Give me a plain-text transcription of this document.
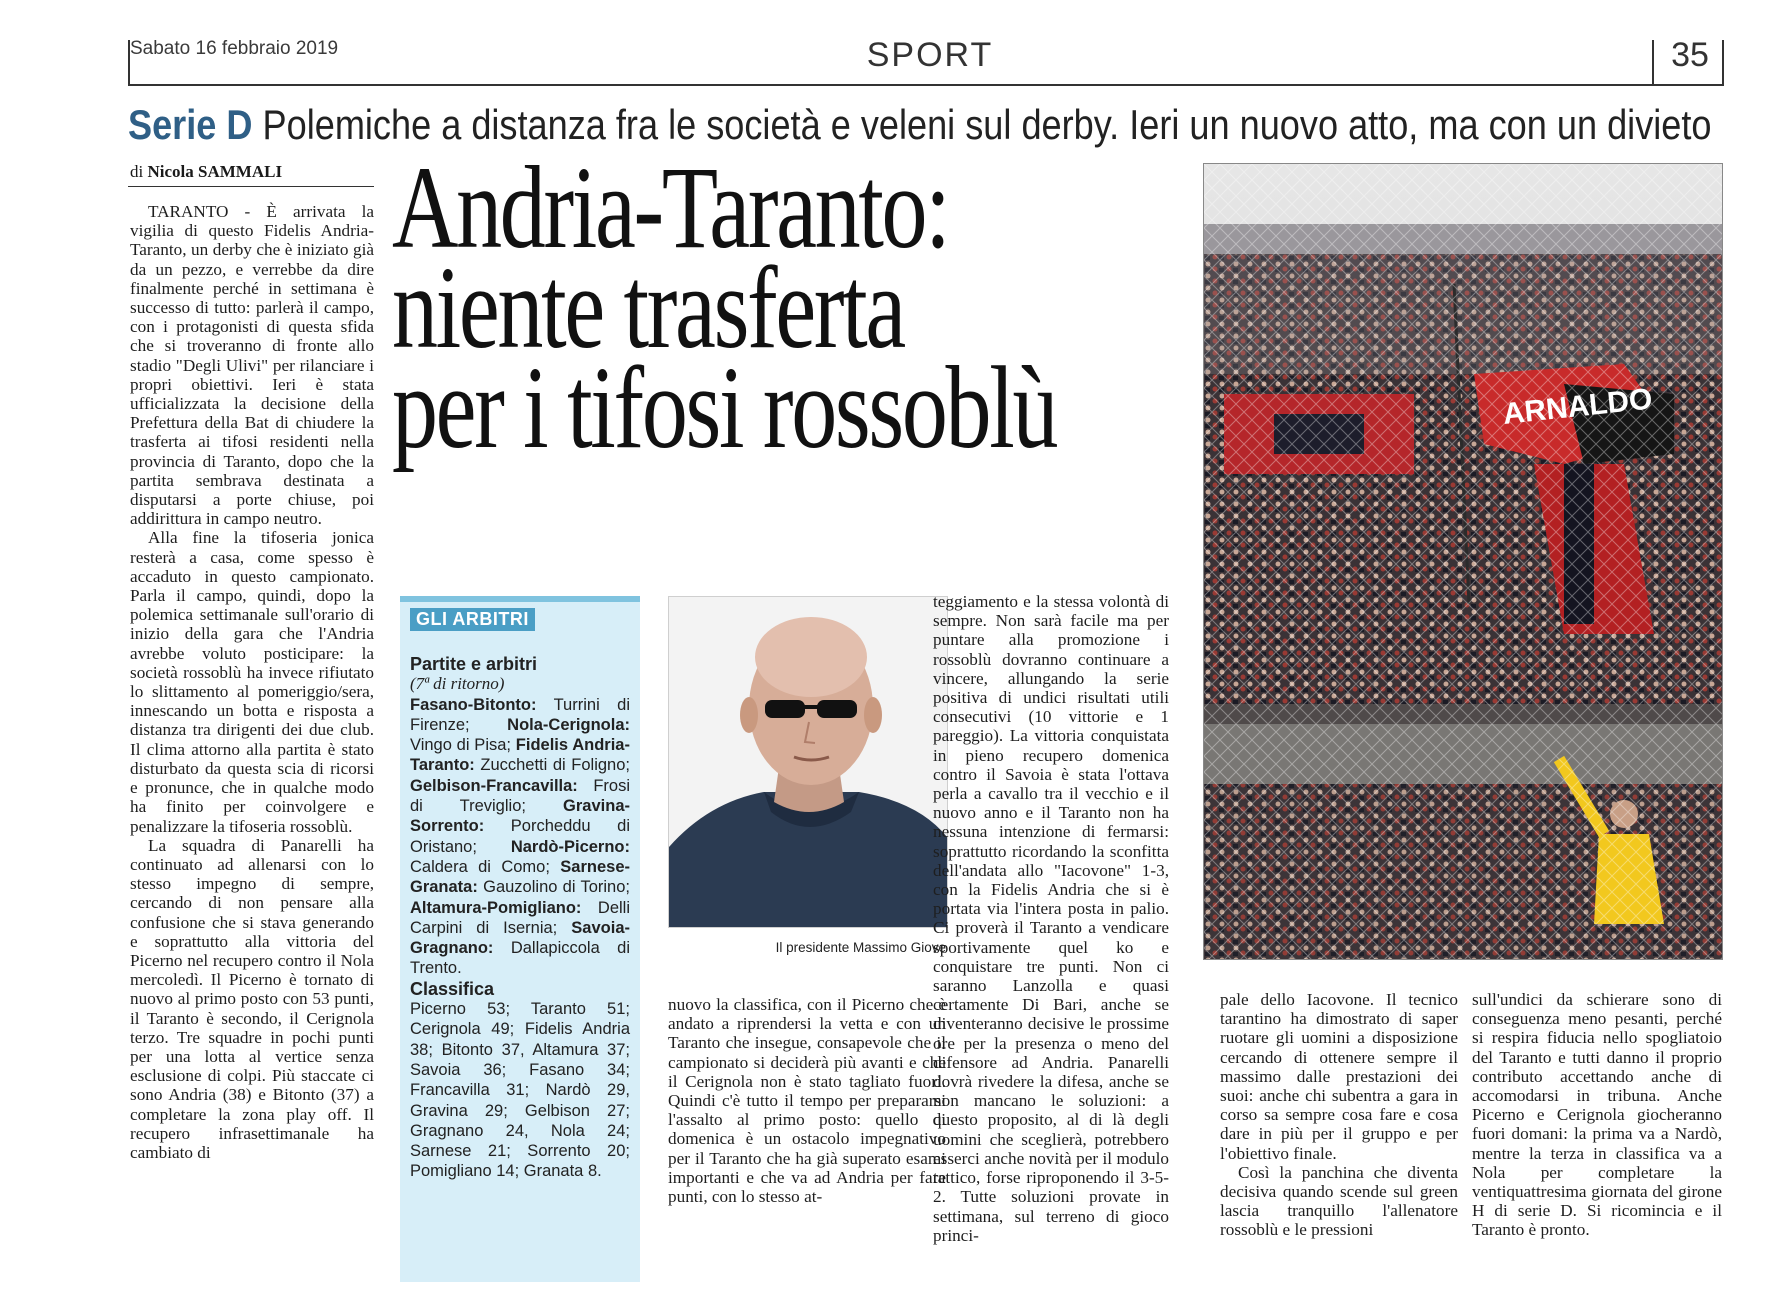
Sabato 16 febbraio 2019	SPORT	35
Serie D Polemiche a distanza fra le società e veleni sul derby. Ieri un nuovo atto, ma con un divieto
di Nicola SAMMALI Andria-Taranto:
niente trasferta
per i tifosi rossoblù

TARANTO - È arrivata la vigilia di questo Fidelis Andria-Taranto, un derby che è iniziato già da un pezzo, e verrebbe da dire finalmente perché in settimana è successo di tutto: parlerà il campo, con i protagonisti di questa sfida che si troveranno di fronte allo stadio "Degli Ulivi" per rilanciare i propri obiettivi. Ieri è stata ufficializzata la decisione della Prefettura della Bat di chiudere la trasferta ai tifosi residenti nella provincia di Taranto, dopo che la partita sembrava destinata a disputarsi a porte chiuse, poi addirittura in campo neutro.

Alla fine la tifoseria jonica resterà a casa, come spesso è accaduto in questo campionato. Parla il campo, quindi, dopo la polemica settimanale sull'orario di inizio della gara che l'Andria avrebbe voluto posticipare: la società rossoblù ha invece rifiutato lo slittamento al pomeriggio/sera, innescando un botta e risposta a distanza tra dirigenti dei due club. Il clima attorno alla partita è stato disturbato da questa scia di ricorsi e pronunce, che in qualche modo ha finito per coinvolgere e penalizzare la tifoseria rossoblù.

La squadra di Panarelli ha continuato ad allenarsi con lo stesso impegno di sempre, cercando di non pensare alla confusione che si stava generando e soprattutto alla vittoria del Picerno nel recupero contro il Nola mercoledì. Il Picerno è tornato di nuovo al primo posto con 53 punti, il Taranto è secondo, il Cerignola terzo. Tre squadre in pochi punti per una lotta al vertice senza esclusione di colpi. Più staccate ci sono Andria (38) e Bitonto (37) a completare la zona play off. Il recupero infrasettimanale ha cambiato di

GLI ARBITRI
Partite e arbitri
(7ª di ritorno)
Fasano-Bitonto: Turrini di Firenze; Nola-Cerignola: Vingo di Pisa; Fidelis Andria-Taranto: Zucchetti di Foligno; Gelbison-Francavilla: Frosi di Treviglio; Gravina-Sorrento: Porcheddu di Oristano; Nardò-Picerno: Caldera di Como; Sarnese-Granata: Gauzolino di Torino; Altamura-Pomigliano: Delli Carpini di Isernia; Savoia-Gragnano: Dallapiccola di Trento.
Classifica
Picerno 53; Taranto 51; Cerignola 49; Fidelis Andria 38; Bitonto 37, Altamura 37; Savoia 36; Fasano 34; Francavilla 31; Nardò 29, Gravina 29; Gelbison 27; Gragnano 24, Nola 24; Sarnese 21; Sorrento 20; Pomigliano 14; Granata 8.
Il presidente Massimo Giove

nuovo la classifica, con il Picerno che è andato a riprendersi la vetta e con un Taranto che insegue, consapevole che il campionato si deciderà più avanti e che il Cerignola non è stato tagliato fuori. Quindi c'è tutto il tempo per prepararsi l'assalto al primo posto: quello di domenica è un ostacolo impegnativo per il Taranto che ha già superato esami importanti e che va ad Andria per fare punti, con lo stesso at-

teggiamento e la stessa volontà di sempre. Non sarà facile ma per puntare alla promozione i rossoblù dovranno continuare a vincere, allungando la serie positiva di undici risultati utili consecutivi (10 vittorie e 1 pareggio). La vittoria conquistata in pieno recupero domenica contro il Savoia è stata l'ottava perla a cavallo tra il vecchio e il nuovo anno e il Taranto non ha nessuna intenzione di fermarsi: soprattutto ricordando la sconfitta dell'andata allo "Iacovone" 1-3, con la Fidelis Andria che si è portata via l'intera posta in palio. Ci proverà il Taranto a vendicare sportivamente quel ko e conquistare tre punti. Non ci saranno Lanzolla e quasi certamente Di Bari, anche se diventeranno decisive le prossime ore per la presenza o meno del difensore ad Andria. Panarelli dovrà rivedere la difesa, anche se non mancano le soluzioni: a questo proposito, al di là degli uomini che sceglierà, potrebbero esserci anche novità per il modulo tattico, forse riproponendo il 3-5-2. Tutte soluzioni provate in settimana, sul terreno di gioco princi-

pale dello Iacovone. Il tecnico tarantino ha dimostrato di saper ruotare gli uomini a disposizione cercando di ottenere sempre il massimo dalle prestazioni dei suoi: anche chi subentra a gara in corso sa sempre cosa fare e cosa dare in più per il gruppo e per l'obiettivo finale.

Così la panchina che diventa decisiva quando scende sul green lascia tranquillo l'allenatore rossoblù e le pressioni

sull'undici da schierare sono di conseguenza meno pesanti, perché si respira fiducia nello spogliatoio del Taranto e tutti danno il proprio contributo accettando anche di accomodarsi in tribuna. Anche Picerno e Cerignola giocheranno fuori domani: la prima va a Nardò, mentre la terza in classifica va a Nola per completare la ventiquattresima giornata del girone H di serie D. Si ricomincia e il Taranto è pronto.
